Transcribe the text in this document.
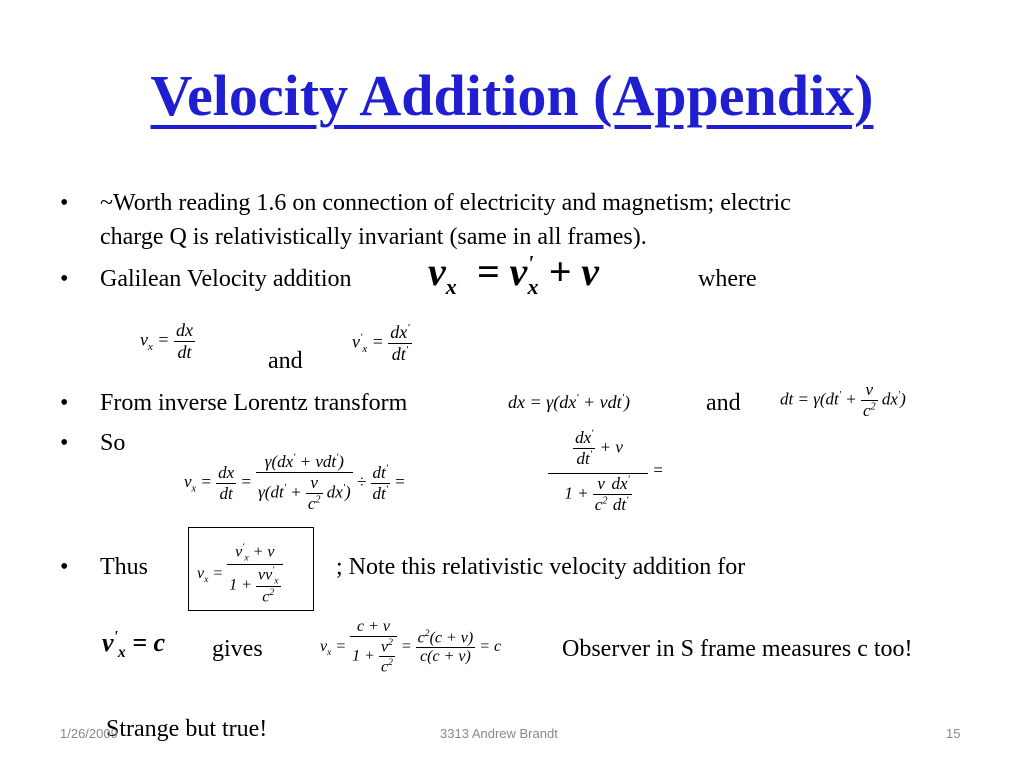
Velocity Addition (Appendix)
• ~Worth reading 1.6 on connection of electricity and magnetism; electric
charge Q is relativistically invariant (same in all frames).
• Galilean Velocity addition $v_x = v'_x + v$	where
$v_x = \frac{dx}{dt}$	and
$v'_x = \frac{dx'}{dt'}$
• From inverse Lorentz transform	dx = γ(dx' + vdt')	and dt = $\gamma(dt' + \frac{v}{c^2} dx')$
• So
$v_x = \frac{dx}{dt} = \frac{\gamma(dx' + vdt')}{\gamma(dt' + \frac{v}{c^2} dx')} \div \frac{dt'}{dt'}$ =	$\frac{\frac{dx'}{dt'} + v}{1 + \frac{v}{c^2} \frac{dx'}{dt'}}$ =
• Thus	$v_x = \frac{v'_x + v}{1 + \frac{vv'_x}{c^2}}$ ; Note this relativistic velocity addition for
$v'_x = c$ gives	$v_x = \frac{c + v}{1 + \frac{v^2}{c^2}} = \frac{c^2(c + v)}{c(c + v)} = c$	Observer in S frame measures c too!
Strange but true!
1/26/2009	3313 Andrew Brandt	15
